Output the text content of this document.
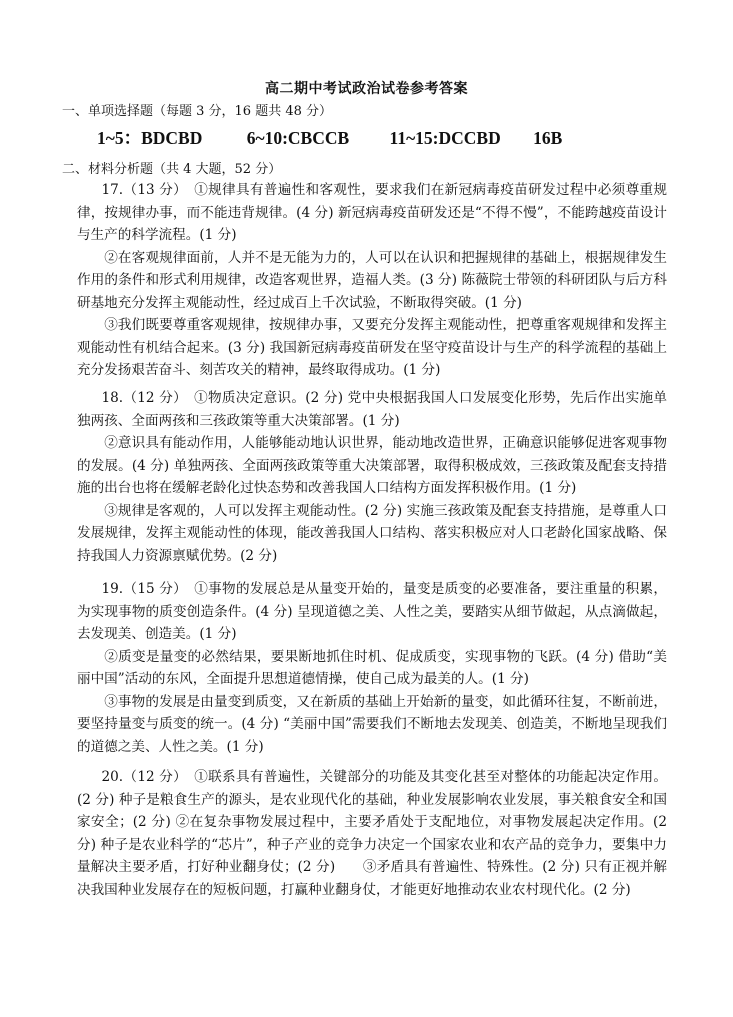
高二期中考试政治试卷参考答案
一、单项选择题（每题 3 分，16 题共 48 分）
1~5：BDCBD	6~10:CBCCB 11~15:DCCBD 16B
二、材料分析题（共 4 大题，52 分）

17.（13 分）　①规律具有普遍性和客观性，要求我们在新冠病毒疫苗研发过程中必须尊重规律，按规律办事，而不能违背规律。(4 分) 新冠病毒疫苗研发还是“不得不慢”，不能跨越疫苗设计与生产的科学流程。(1 分)

②在客观规律面前，人并不是无能为力的，人可以在认识和把握规律的基础上，根据规律发生作用的条件和形式利用规律，改造客观世界，造福人类。(3 分) 陈薇院士带领的科研团队与后方科研基地充分发挥主观能动性，经过成百上千次试验，不断取得突破。(1 分)

③我们既要尊重客观规律，按规律办事，又要充分发挥主观能动性，把尊重客观规律和发挥主观能动性有机结合起来。(3 分) 我国新冠病毒疫苗研发在坚守疫苗设计与生产的科学流程的基础上充分发扬艰苦奋斗、刻苦攻关的精神，最终取得成功。(1 分)

18.（12 分）　①物质决定意识。(2 分) 党中央根据我国人口发展变化形势，先后作出实施单独两孩、全面两孩和三孩政策等重大决策部署。(1 分)

②意识具有能动作用，人能够能动地认识世界，能动地改造世界，正确意识能够促进客观事物的发展。(4 分) 单独两孩、全面两孩政策等重大决策部署，取得积极成效，三孩政策及配套支持措施的出台也将在缓解老龄化过快态势和改善我国人口结构方面发挥积极作用。(1 分)

③规律是客观的，人可以发挥主观能动性。(2 分) 实施三孩政策及配套支持措施，是尊重人口发展规律，发挥主观能动性的体现，能改善我国人口结构、落实积极应对人口老龄化国家战略、保持我国人力资源禀赋优势。(2 分)

19.（15 分）　①事物的发展总是从量变开始的，量变是质变的必要准备，要注重量的积累，为实现事物的质变创造条件。(4 分) 呈现道德之美、人性之美，要踏实从细节做起，从点滴做起，去发现美、创造美。(1 分)

②质变是量变的必然结果，要果断地抓住时机、促成质变，实现事物的飞跃。(4 分) 借助“美丽中国”活动的东风，全面提升思想道德情操，使自己成为最美的人。(1 分)

③事物的发展是由量变到质变，又在新质的基础上开始新的量变，如此循环往复，不断前进，要坚持量变与质变的统一。(4 分) “美丽中国”需要我们不断地去发现美、创造美，不断地呈现我们的道德之美、人性之美。(1 分)

20.（12 分）　①联系具有普遍性，关键部分的功能及其变化甚至对整体的功能起决定作用。(2 分) 种子是粮食生产的源头，是农业现代化的基础，种业发展影响农业发展，事关粮食安全和国家安全；(2 分) ②在复杂事物发展过程中，主要矛盾处于支配地位，对事物发展起决定作用。(2 分) 种子是农业科学的“芯片”，种子产业的竞争力决定一个国家农业和农产品的竞争力，要集中力量解决主要矛盾，打好种业翻身仗；(2 分)　　③矛盾具有普遍性、特殊性。(2 分) 只有正视并解决我国种业发展存在的短板问题，打赢种业翻身仗，才能更好地推动农业农村现代化。(2 分)
